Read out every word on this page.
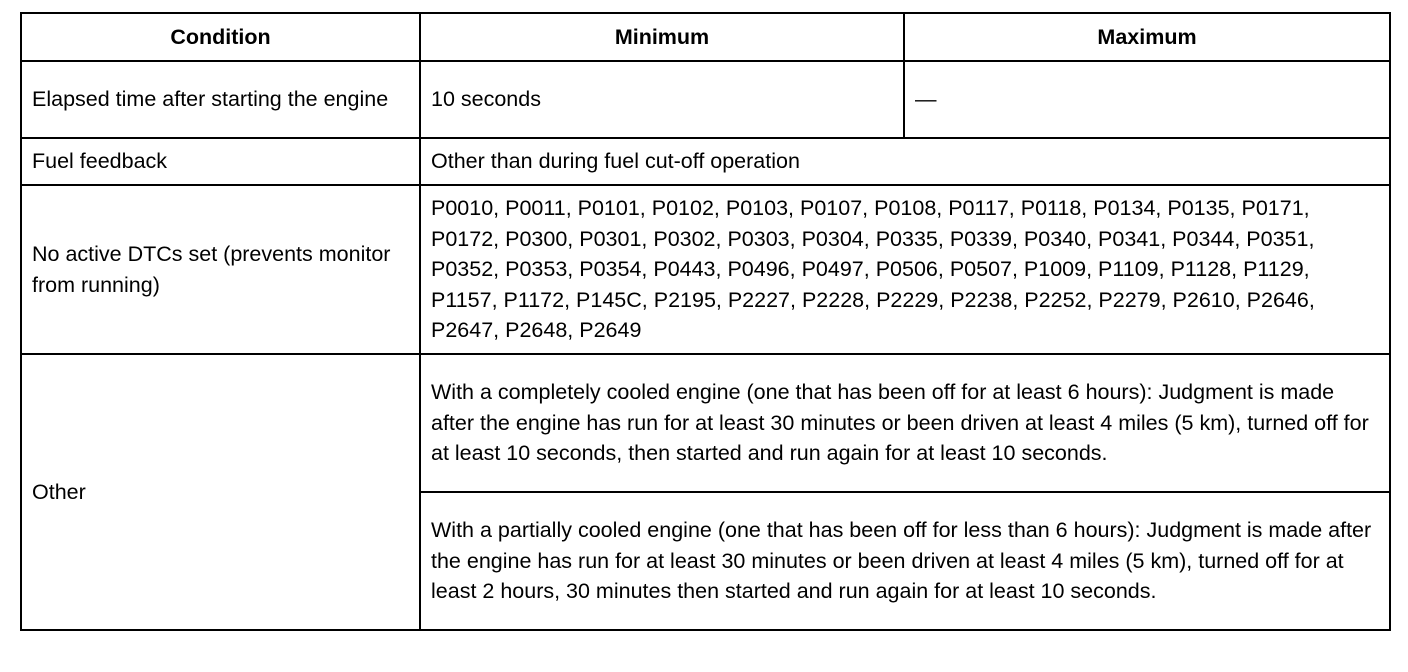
Condition	Minimum	Maximum
Elapsed time after starting the engine	10 seconds	—
Fuel feedback	Other than during fuel cut-off operation	
No active DTCs set (prevents monitor from running)	P0010, P0011, P0101, P0102, P0103, P0107, P0108, P0117, P0118, P0134, P0135, P0171, P0172, P0300, P0301, P0302, P0303, P0304, P0335, P0339, P0340, P0341, P0344, P0351, P0352, P0353, P0354, P0443, P0496, P0497, P0506, P0507, P1009, P1109, P1128, P1129, P1157, P1172, P145C, P2195, P2227, P2228, P2229, P2238, P2252, P2279, P2610, P2646, P2647, P2648, P2649	
Other	With a completely cooled engine (one that has been off for at least 6 hours): Judgment is made after the engine has run for at least 30 minutes or been driven at least 4 miles (5 km), turned off for at least 10 seconds, then started and run again for at least 10 seconds.	
	With a partially cooled engine (one that has been off for less than 6 hours): Judgment is made after the engine has run for at least 30 minutes or been driven at least 4 miles (5 km), turned off for at least 2 hours, 30 minutes then started and run again for at least 10 seconds.	
